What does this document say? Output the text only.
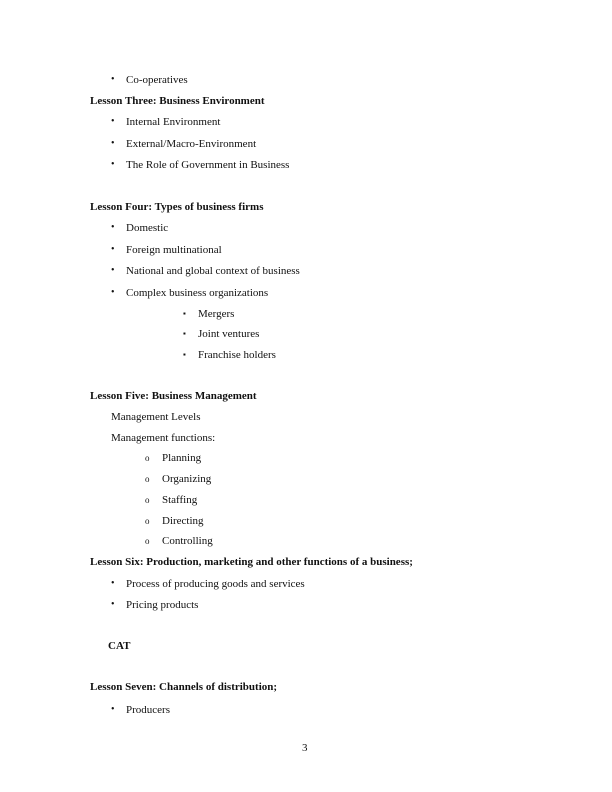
• Co-operatives
Lesson Three: Business Environment
• Internal Environment
• External/Macro-Environment
• The Role of Government in Business
Lesson Four: Types of business firms
• Domestic
• Foreign multinational
• National and global context of business
• Complex business organizations
▪ Mergers
▪ Joint ventures
▪ Franchise holders
Lesson Five: Business Management
Management Levels
Management functions:
o Planning
o Organizing
o Staffing
o Directing
o Controlling
Lesson Six: Production, marketing and other functions of a business;
• Process of producing goods and services
• Pricing products
CAT
Lesson Seven: Channels of distribution;
• Producers
3
